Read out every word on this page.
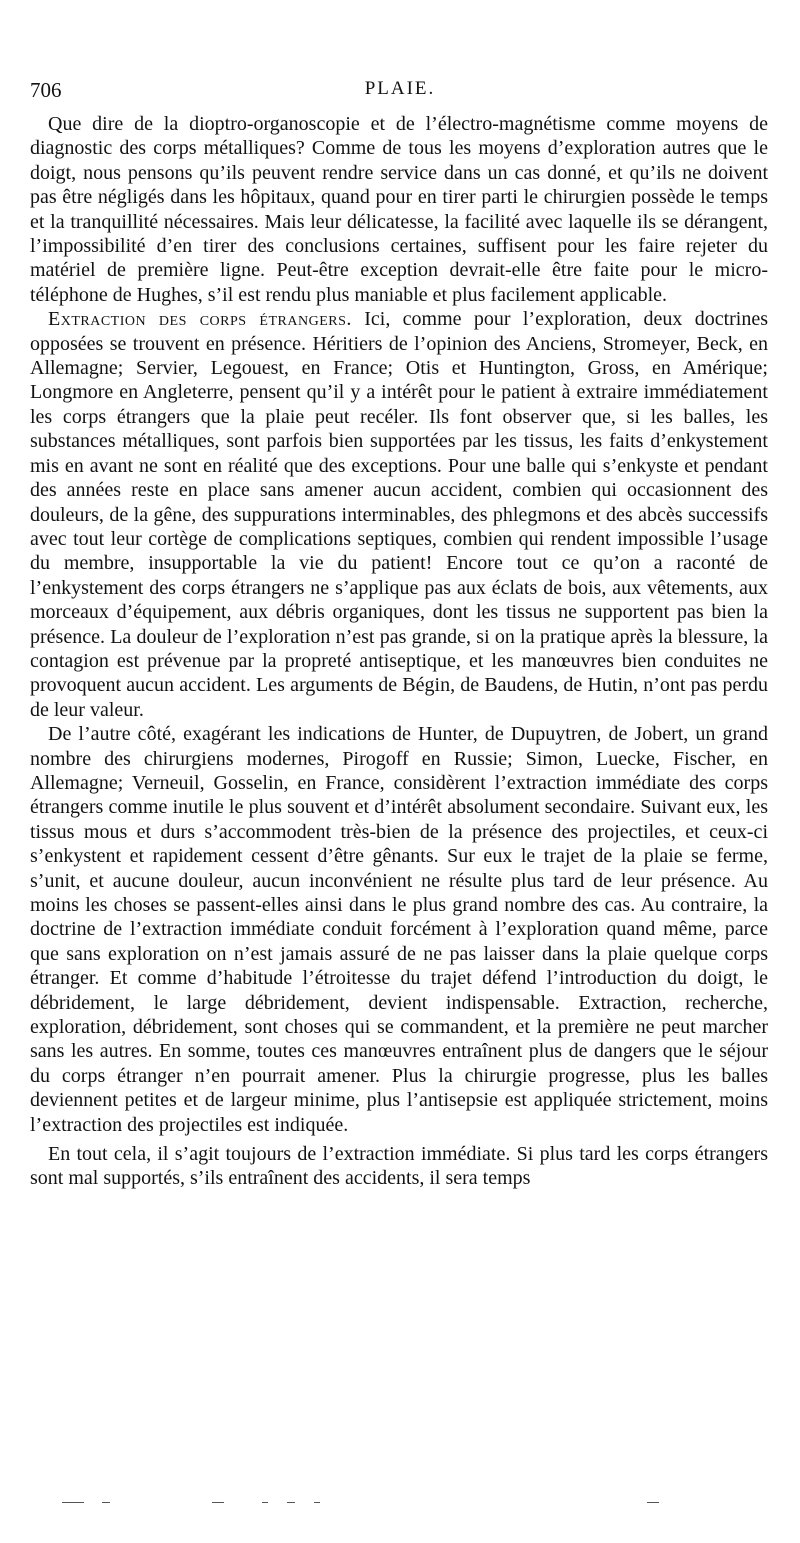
706	PLAIE.

Que dire de la dioptro-organoscopie et de l’électro-magnétisme comme moyens de diagnostic des corps métalliques? Comme de tous les moyens d’exploration autres que le doigt, nous pensons qu’ils peuvent rendre service dans un cas donné, et qu’ils ne doivent pas être négligés dans les hôpitaux, quand pour en tirer parti le chirurgien possède le temps et la tranquillité nécessaires. Mais leur délicatesse, la facilité avec laquelle ils se dérangent, l’impossibilité d’en tirer des conclusions certaines, suffisent pour les faire rejeter du matériel de première ligne. Peut-être exception devrait-elle être faite pour le micro-téléphone de Hughes, s’il est rendu plus maniable et plus facilement applicable.

Extraction des corps étrangers. Ici, comme pour l’exploration, deux doctrines opposées se trouvent en présence. Héritiers de l’opinion des Anciens, Stromeyer, Beck, en Allemagne; Servier, Legouest, en France; Otis et Huntington, Gross, en Amérique; Longmore en Angleterre, pensent qu’il y a intérêt pour le patient à extraire immédiatement les corps étrangers que la plaie peut recéler. Ils font observer que, si les balles, les substances métalliques, sont parfois bien supportées par les tissus, les faits d’enkystement mis en avant ne sont en réalité que des exceptions. Pour une balle qui s’enkyste et pendant des années reste en place sans amener aucun accident, combien qui occasionnent des douleurs, de la gêne, des suppurations interminables, des phlegmons et des abcès successifs avec tout leur cortège de complications septiques, combien qui rendent impossible l’usage du membre, insupportable la vie du patient! Encore tout ce qu’on a raconté de l’enkystement des corps étrangers ne s’applique pas aux éclats de bois, aux vêtements, aux morceaux d’équipement, aux débris organiques, dont les tissus ne supportent pas bien la présence. La douleur de l’exploration n’est pas grande, si on la pratique après la blessure, la contagion est prévenue par la propreté antiseptique, et les manœuvres bien conduites ne provoquent aucun accident. Les arguments de Bégin, de Baudens, de Hutin, n’ont pas perdu de leur valeur.

De l’autre côté, exagérant les indications de Hunter, de Dupuytren, de Jobert, un grand nombre des chirurgiens modernes, Pirogoff en Russie; Simon, Luecke, Fischer, en Allemagne; Verneuil, Gosselin, en France, considèrent l’extraction immédiate des corps étrangers comme inutile le plus souvent et d’intérêt absolument secondaire. Suivant eux, les tissus mous et durs s’accommodent très-bien de la présence des projectiles, et ceux-ci s’enkystent et rapidement cessent d’être gênants. Sur eux le trajet de la plaie se ferme, s’unit, et aucune douleur, aucun inconvénient ne résulte plus tard de leur présence. Au moins les choses se passent-elles ainsi dans le plus grand nombre des cas. Au contraire, la doctrine de l’extraction immédiate conduit forcément à l’exploration quand même, parce que sans exploration on n’est jamais assuré de ne pas laisser dans la plaie quelque corps étranger. Et comme d’habitude l’étroitesse du trajet défend l’introduction du doigt, le débridement, le large débridement, devient indispensable. Extraction, recherche, exploration, débridement, sont choses qui se commandent, et la première ne peut marcher sans les autres. En somme, toutes ces manœuvres entraînent plus de dangers que le séjour du corps étranger n’en pourrait amener. Plus la chirurgie progresse, plus les balles deviennent petites et de largeur minime, plus l’antisepsie est appliquée strictement, moins l’extraction des projectiles est indiquée.

En tout cela, il s’agit toujours de l’extraction immédiate. Si plus tard les corps étrangers sont mal supportés, s’ils entraînent des accidents, il sera temps
